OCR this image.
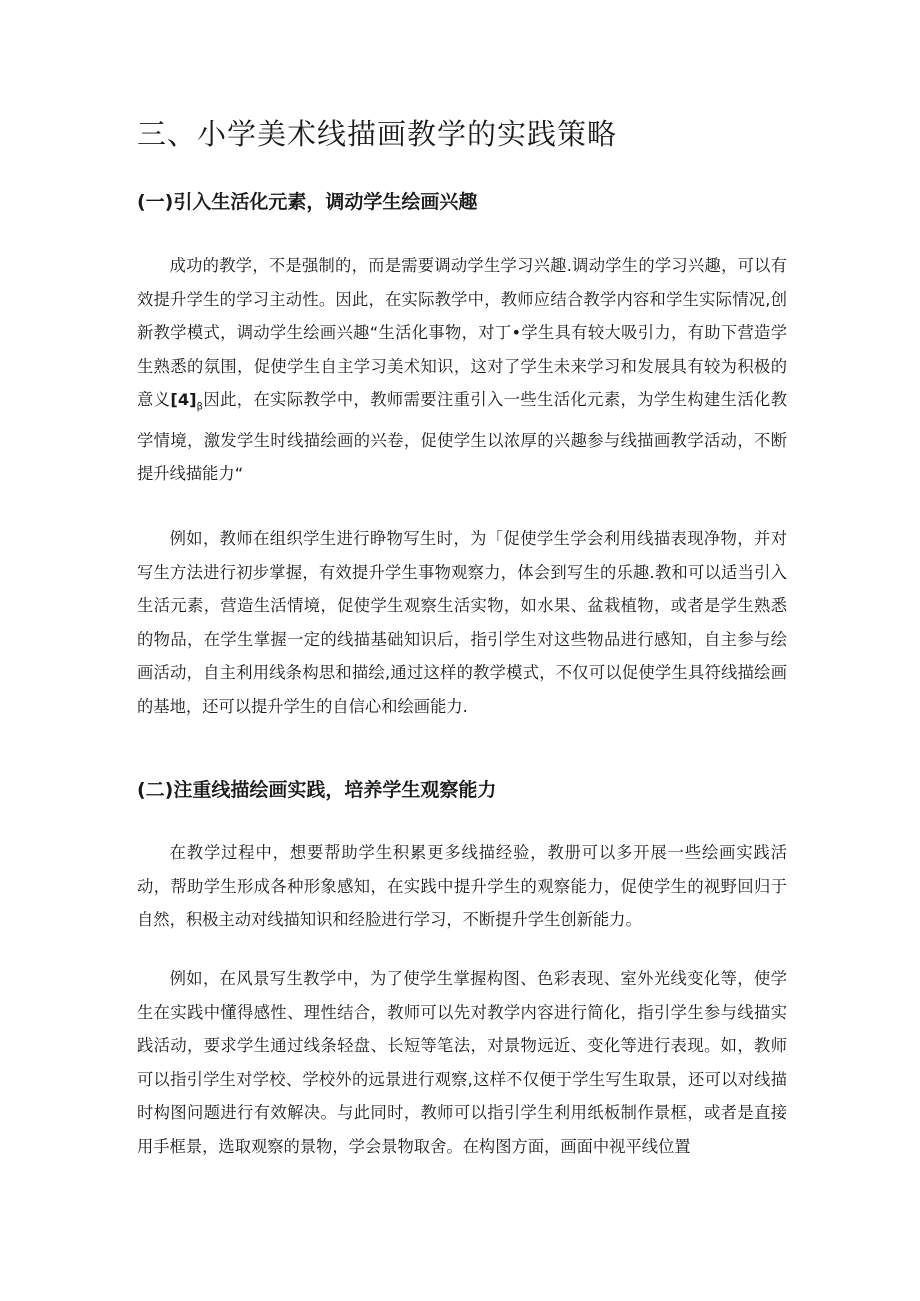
三、小学美术线描画教学的实践策略
(一)引入生活化元素，调动学生绘画兴趣

成功的教学，不是强制的，而是需要调动学生学习兴趣.调动学生的学习兴趣，可以有效提升学生的学习主动性。因此，在实际教学中，教师应结合教学内容和学生实际情况,创新教学模式，调动学生绘画兴趣“生活化事物，对丁•学生具有较大吸引力，有助下营造学生熟悉的氛围，促使学生自主学习美术知识，这对了学生未来学习和发展具有较为积极的意义$[4]_\beta$因此，在实际教学中，教师需要注重引入一些生活化元素，为学生构建生活化教学情境，激发学生时线描绘画的兴卷，促使学生以浓厚的兴趣参与线描画教学活动，不断提升线描能力“

例如，教师在组织学生进行睁物写生时，为「促使学生学会利用线描表现净物，并对写生方法进行初步掌握，有效提升学生事物观察力，体会到写生的乐趣.教和可以适当引入生活元素，营造生活情境，促使学生观察生活实物，如水果、盆栽植物，或者是学生熟悉的物品，在学生掌握一定的线描基础知识后，指引学生对这些物品进行感知，自主参与绘画活动，自主利用线条构思和描绘,通过这样的教学模式，不仅可以促使学生具符线描绘画的基地，还可以提升学生的自信心和绘画能力.

(二)注重线描绘画实践，培养学生观察能力

在教学过程中，想要帮助学生积累更多线描经验，教册可以多开展一些绘画实践活动，帮助学生形成各种形象感知，在实践中提升学生的观察能力，促使学生的视野回归于自然，积极主动对线描知识和经脸进行学习，不断提升学生创新能力。

例如，在风景写生教学中，为了使学生掌握构图、色彩表现、室外光线变化等，使学生在实践中懂得感性、理性结合，教师可以先对教学内容进行简化，指引学生参与线描实践活动，要求学生通过线条轻盘、长短等笔法，对景物远近、变化等进行表现。如，教师可以指引学生对学校、学校外的远景进行观察,这样不仅便于学生写生取景，还可以对线描时构图问题进行有效解决。与此同时，教师可以指引学生利用纸板制作景框，或者是直接用手框景，选取观察的景物，学会景物取舍。在构图方面，画面中视平线位置
